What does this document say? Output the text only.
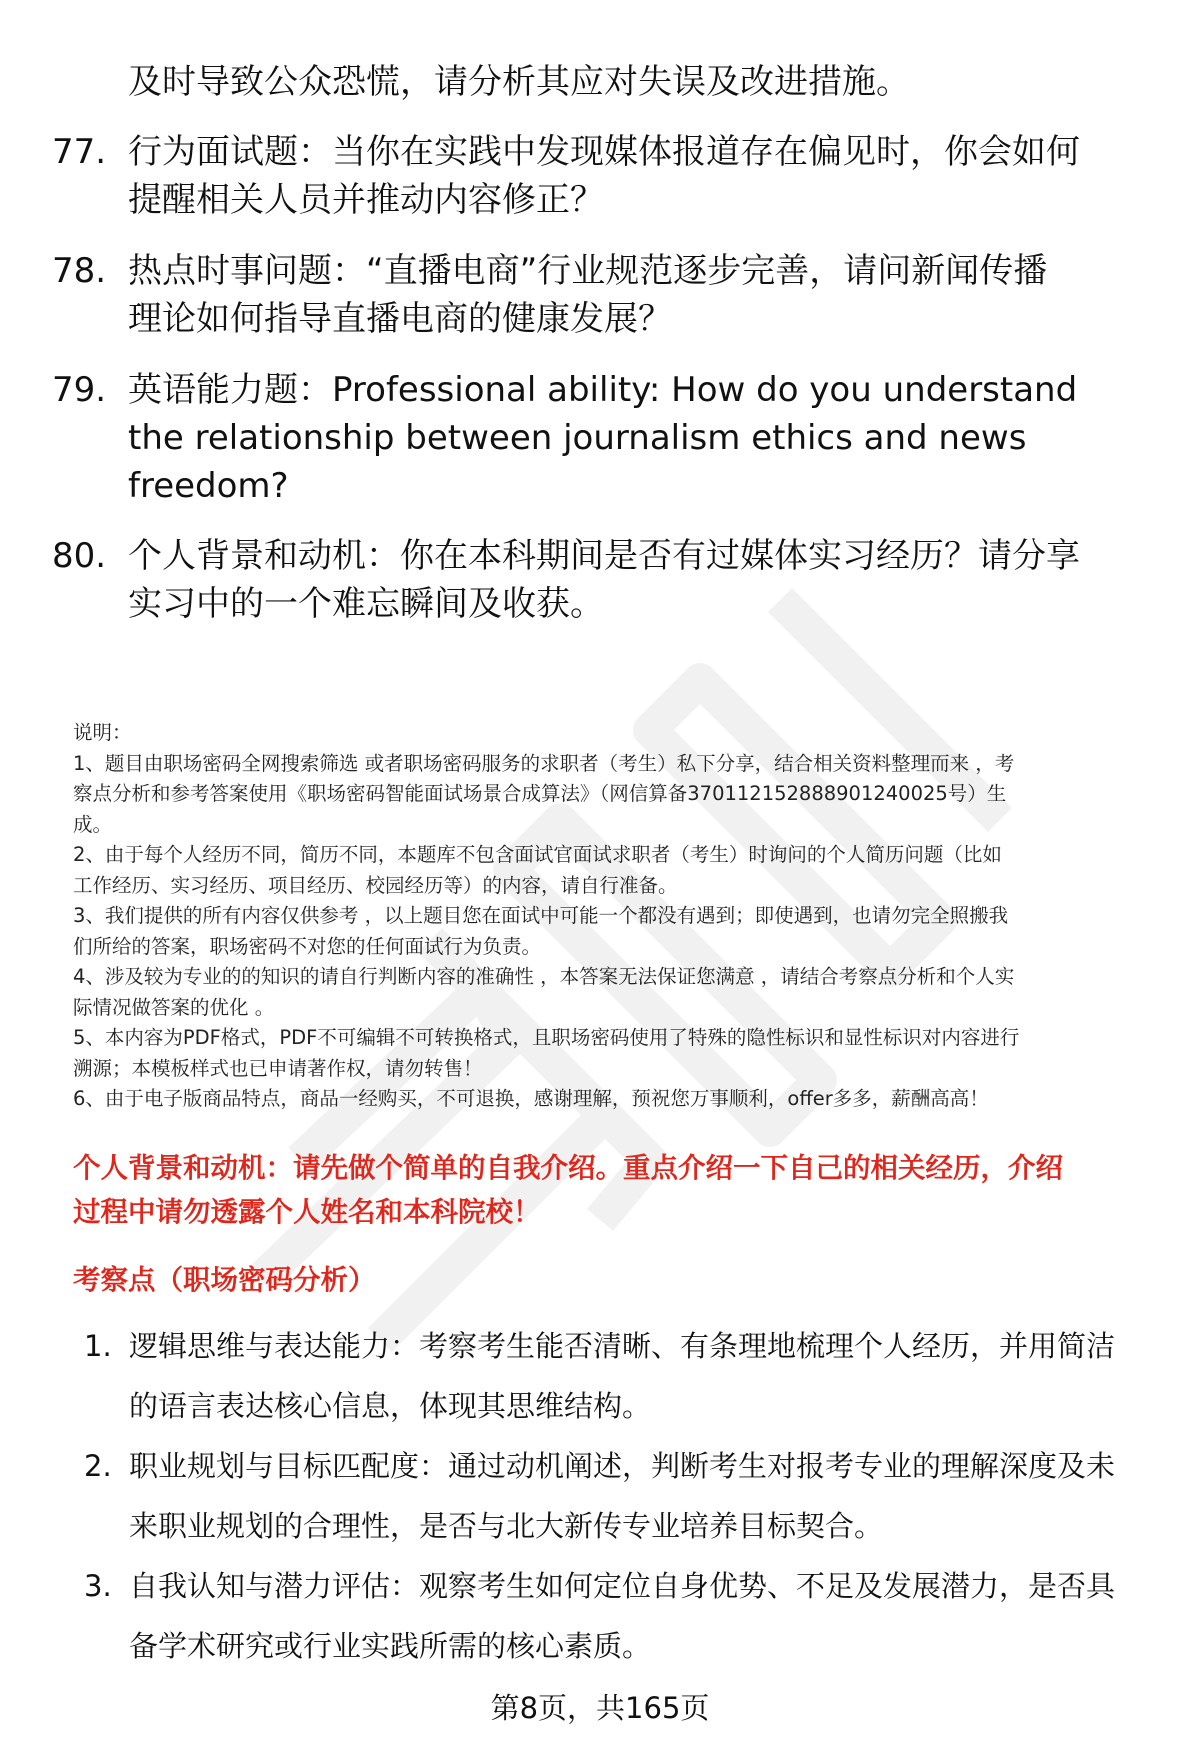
及时导致公众恐慌，请分析其应对失误及改进措施。
77. 行为面试题：当你在实践中发现媒体报道存在偏见时，你会如何
提醒相关人员并推动内容修正？
78. 热点时事问题：“直播电商”行业规范逐步完善，请问新闻传播
理论如何指导直播电商的健康发展？
79. 英语能力题：Professional ability: How do you understand
the relationship between journalism ethics and news
freedom?
80. 个人背景和动机：你在本科期间是否有过媒体实习经历？请分享
实习中的一个难忘瞬间及收获。
说明：
1、题目由职场密码全网搜索筛选 或者职场密码服务的求职者（考生）私下分享，结合相关资料整理而来 ，考
察点分析和参考答案使用《职场密码智能面试场景合成算法》（网信算备370112152888901240025号）生
成。
2、由于每个人经历不同，简历不同，本题库不包含面试官面试求职者（考生）时询问的个人简历问题（比如
工作经历、实习经历、项目经历、校园经历等）的内容，请自行准备。
3、我们提供的所有内容仅供参考 ，以上题目您在面试中可能一个都没有遇到；即使遇到，也请勿完全照搬我
们所给的答案，职场密码不对您的任何面试行为负责。
4、涉及较为专业的的知识的请自行判断内容的准确性 ，本答案无法保证您满意 ，请结合考察点分析和个人实
际情况做答案的优化 。
5、本内容为PDF格式，PDF不可编辑不可转换格式，且职场密码使用了特殊的隐性标识和显性标识对内容进行
溯源；本模板样式也已申请著作权，请勿转售！
6、由于电子版商品特点，商品一经购买，不可退换，感谢理解，预祝您万事顺利，offer多多，薪酬高高！
个人背景和动机：请先做个简单的自我介绍。重点介绍一下自己的相关经历，介绍
过程中请勿透露个人姓名和本科院校！
考察点（职场密码分析）
1. 逻辑思维与表达能力：考察考生能否清晰、有条理地梳理个人经历，并用简洁
的语言表达核心信息，体现其思维结构。
2. 职业规划与目标匹配度：通过动机阐述，判断考生对报考专业的理解深度及未
来职业规划的合理性，是否与北大新传专业培养目标契合。
3. 自我认知与潜力评估：观察考生如何定位自身优势、不足及发展潜力，是否具
备学术研究或行业实践所需的核心素质。
第8页，共165页
